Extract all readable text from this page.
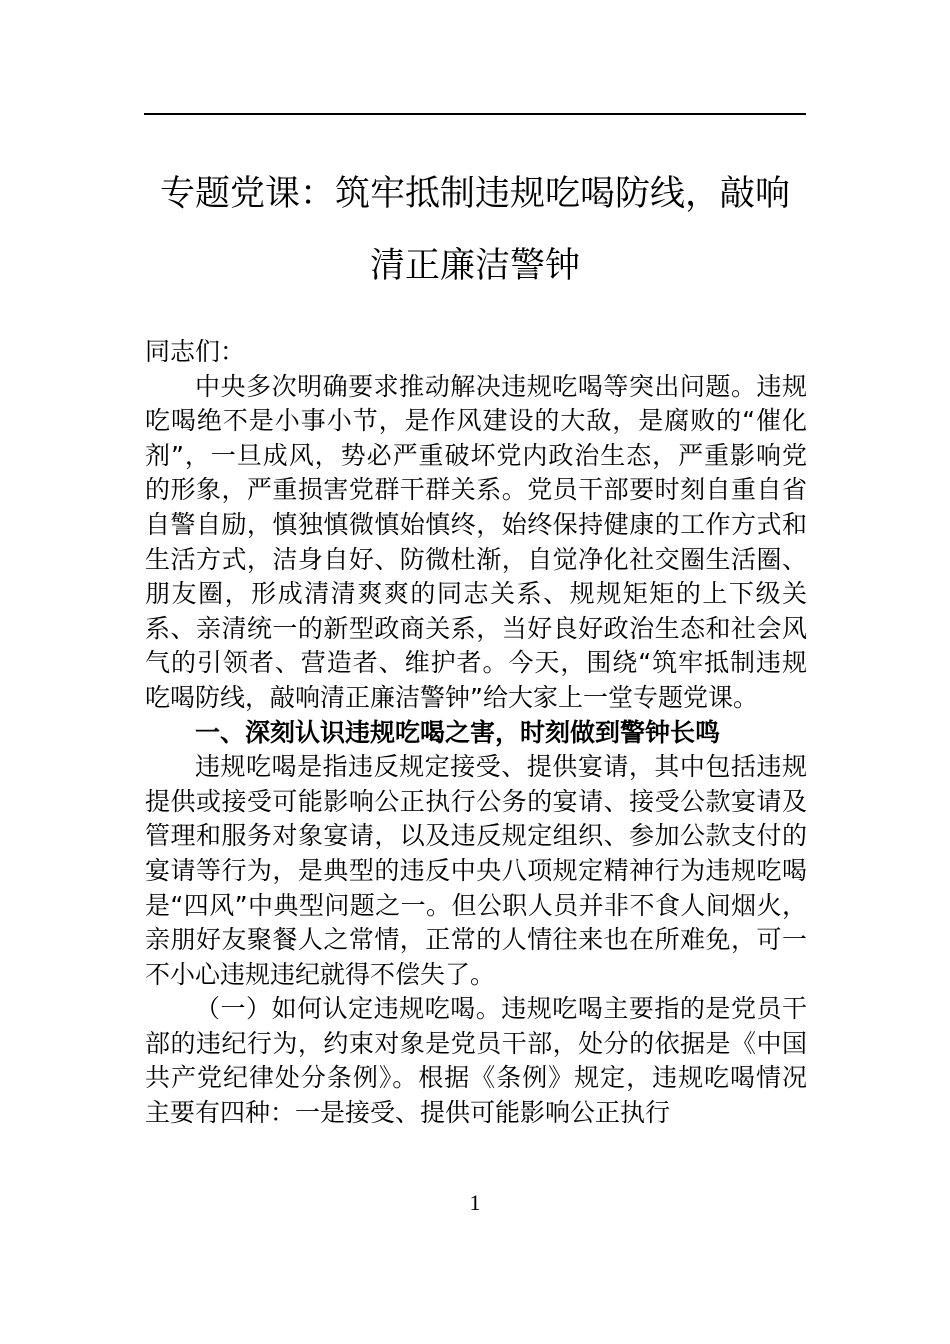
专题党课：筑牢抵制违规吃喝防线，敲响
清正廉洁警钟

同志们：

中央多次明确要求推动解决违规吃喝等突出问题。违规吃喝绝不是小事小节，是作风建设的大敌，是腐败的“催化剂”，一旦成风，势必严重破坏党内政治生态，严重影响党的形象，严重损害党群干群关系。党员干部要时刻自重自省自警自励，慎独慎微慎始慎终，始终保持健康的工作方式和生活方式，洁身自好、防微杜渐，自觉净化社交圈生活圈、朋友圈，形成清清爽爽的同志关系、规规矩矩的上下级关系、亲清统一的新型政商关系，当好良好政治生态和社会风气的引领者、营造者、维护者。今天，围绕“筑牢抵制违规吃喝防线，敲响清正廉洁警钟”给大家上一堂专题党课。

一、深刻认识违规吃喝之害，时刻做到警钟长鸣

违规吃喝是指违反规定接受、提供宴请，其中包括违规提供或接受可能影响公正执行公务的宴请、接受公款宴请及管理和服务对象宴请，以及违反规定组织、参加公款支付的宴请等行为，是典型的违反中央八项规定精神行为违规吃喝是“四风”中典型问题之一。但公职人员并非不食人间烟火，亲朋好友聚餐人之常情，正常的人情往来也在所难免，可一不小心违规违纪就得不偿失了。

（一）如何认定违规吃喝。违规吃喝主要指的是党员干部的违纪行为，约束对象是党员干部，处分的依据是《中国共产党纪律处分条例》。根据《条例》规定，违规吃喝情况主要有四种：一是接受、提供可能影响公正执行

1
